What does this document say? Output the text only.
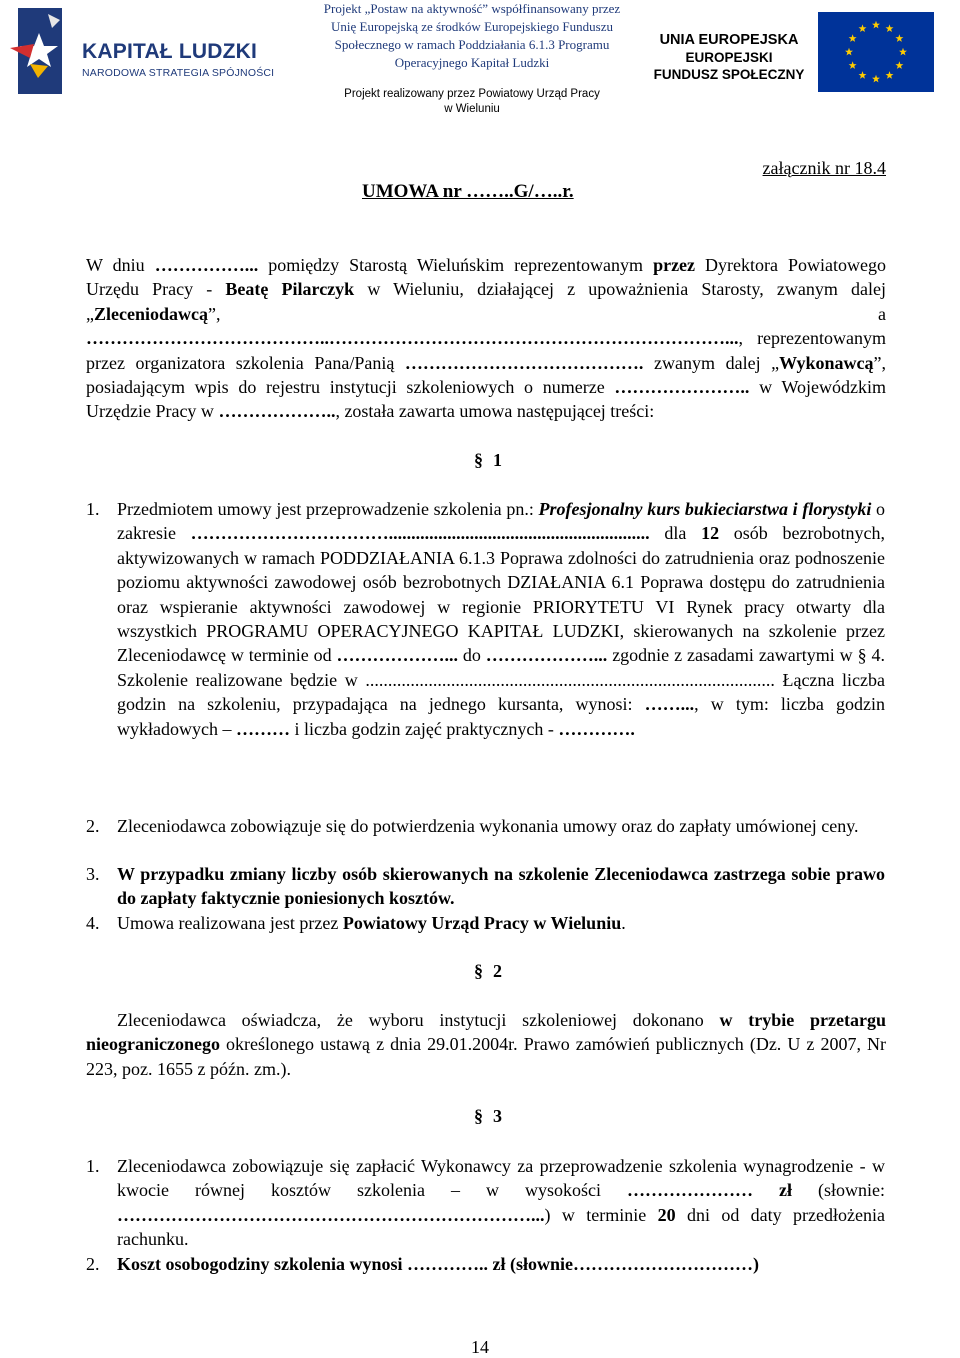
KAPITAŁ LUDZKI
NARODOWA STRATEGIA SPÓJNOŚCI
Projekt „Postaw na aktywność” współfinansowany przez
Unię Europejską ze środków Europejskiego Funduszu
Społecznego w ramach Poddziałania 6.1.3 Programu
Operacyjnego Kapitał Ludzki
Projekt realizowany przez Powiatowy Urząd Pracy
w Wieluniu
UNIA EUROPEJSKA
EUROPEJSKI
FUNDUSZ SPOŁECZNY
załącznik nr 18.4
UMOWA nr ……..G/…..r.
W dniu ……………... pomiędzy Starostą Wieluńskim reprezentowanym przez Dyrektora Powiatowego Urzędu Pracy - Beatę Pilarczyk w Wieluniu, działającej z upoważnienia Starosty, zwanym dalej „Zleceniodawcą”, a …………………………………..…………………………………………………………..., reprezentowanym przez organizatora szkolenia Pana/Panią …………………………………. zwanym dalej „Wykonawcą”, posiadającym wpis do rejestru instytucji szkoleniowych o numerze ………………….. w Wojewódzkim Urzędzie Pracy w ……………….., została zawarta umowa następującej treści:
§ 1
1. Przedmiotem umowy jest przeprowadzenie szkolenia pn.: Profesjonalny kurs bukieciarstwa i florystyki o zakresie …………………………….......................................................... dla 12 osób bezrobotnych, aktywizowanych w ramach PODDZIAŁANIA 6.1.3 Poprawa zdolności do zatrudnienia oraz podnoszenie poziomu aktywności zawodowej osób bezrobotnych DZIAŁANIA 6.1 Poprawa dostępu do zatrudnienia oraz wspieranie aktywności zawodowej w regionie PRIORYTETU VI Rynek pracy otwarty dla wszystkich PROGRAMU OPERACYJNEGO KAPITAŁ LUDZKI, skierowanych na szkolenie przez Zleceniodawcę w terminie od ………………... do ………………... zgodnie z zasadami zawartymi w § 4. Szkolenie realizowane będzie w ........................................................................................... Łączna liczba godzin na szkoleniu, przypadająca na jednego kursanta, wynosi: ……..., w tym: liczba godzin wykładowych – ……… i liczba godzin zajęć praktycznych - ………….
2. Zleceniodawca zobowiązuje się do potwierdzenia wykonania umowy oraz do zapłaty umówionej ceny.
3. W przypadku zmiany liczby osób skierowanych na szkolenie Zleceniodawca zastrzega sobie prawo do zapłaty faktycznie poniesionych kosztów.
4. Umowa realizowana jest przez Powiatowy Urząd Pracy w Wieluniu.
§ 2
Zleceniodawca oświadcza, że wyboru instytucji szkoleniowej dokonano w trybie przetargu nieograniczonego określonego ustawą z dnia 29.01.2004r. Prawo zamówień publicznych (Dz. U z 2007, Nr 223, poz. 1655 z późn. zm.).
§ 3
1. Zleceniodawca zobowiązuje się zapłacić Wykonawcy za przeprowadzenie szkolenia wynagrodzenie - w kwocie równej kosztów szkolenia – w wysokości ………………… zł (słownie: ……………………………………………………………...) w terminie 20 dni od daty przedłożenia rachunku.
2. Koszt osobogodziny szkolenia wynosi ………….. zł (słownie…………………………)
14
